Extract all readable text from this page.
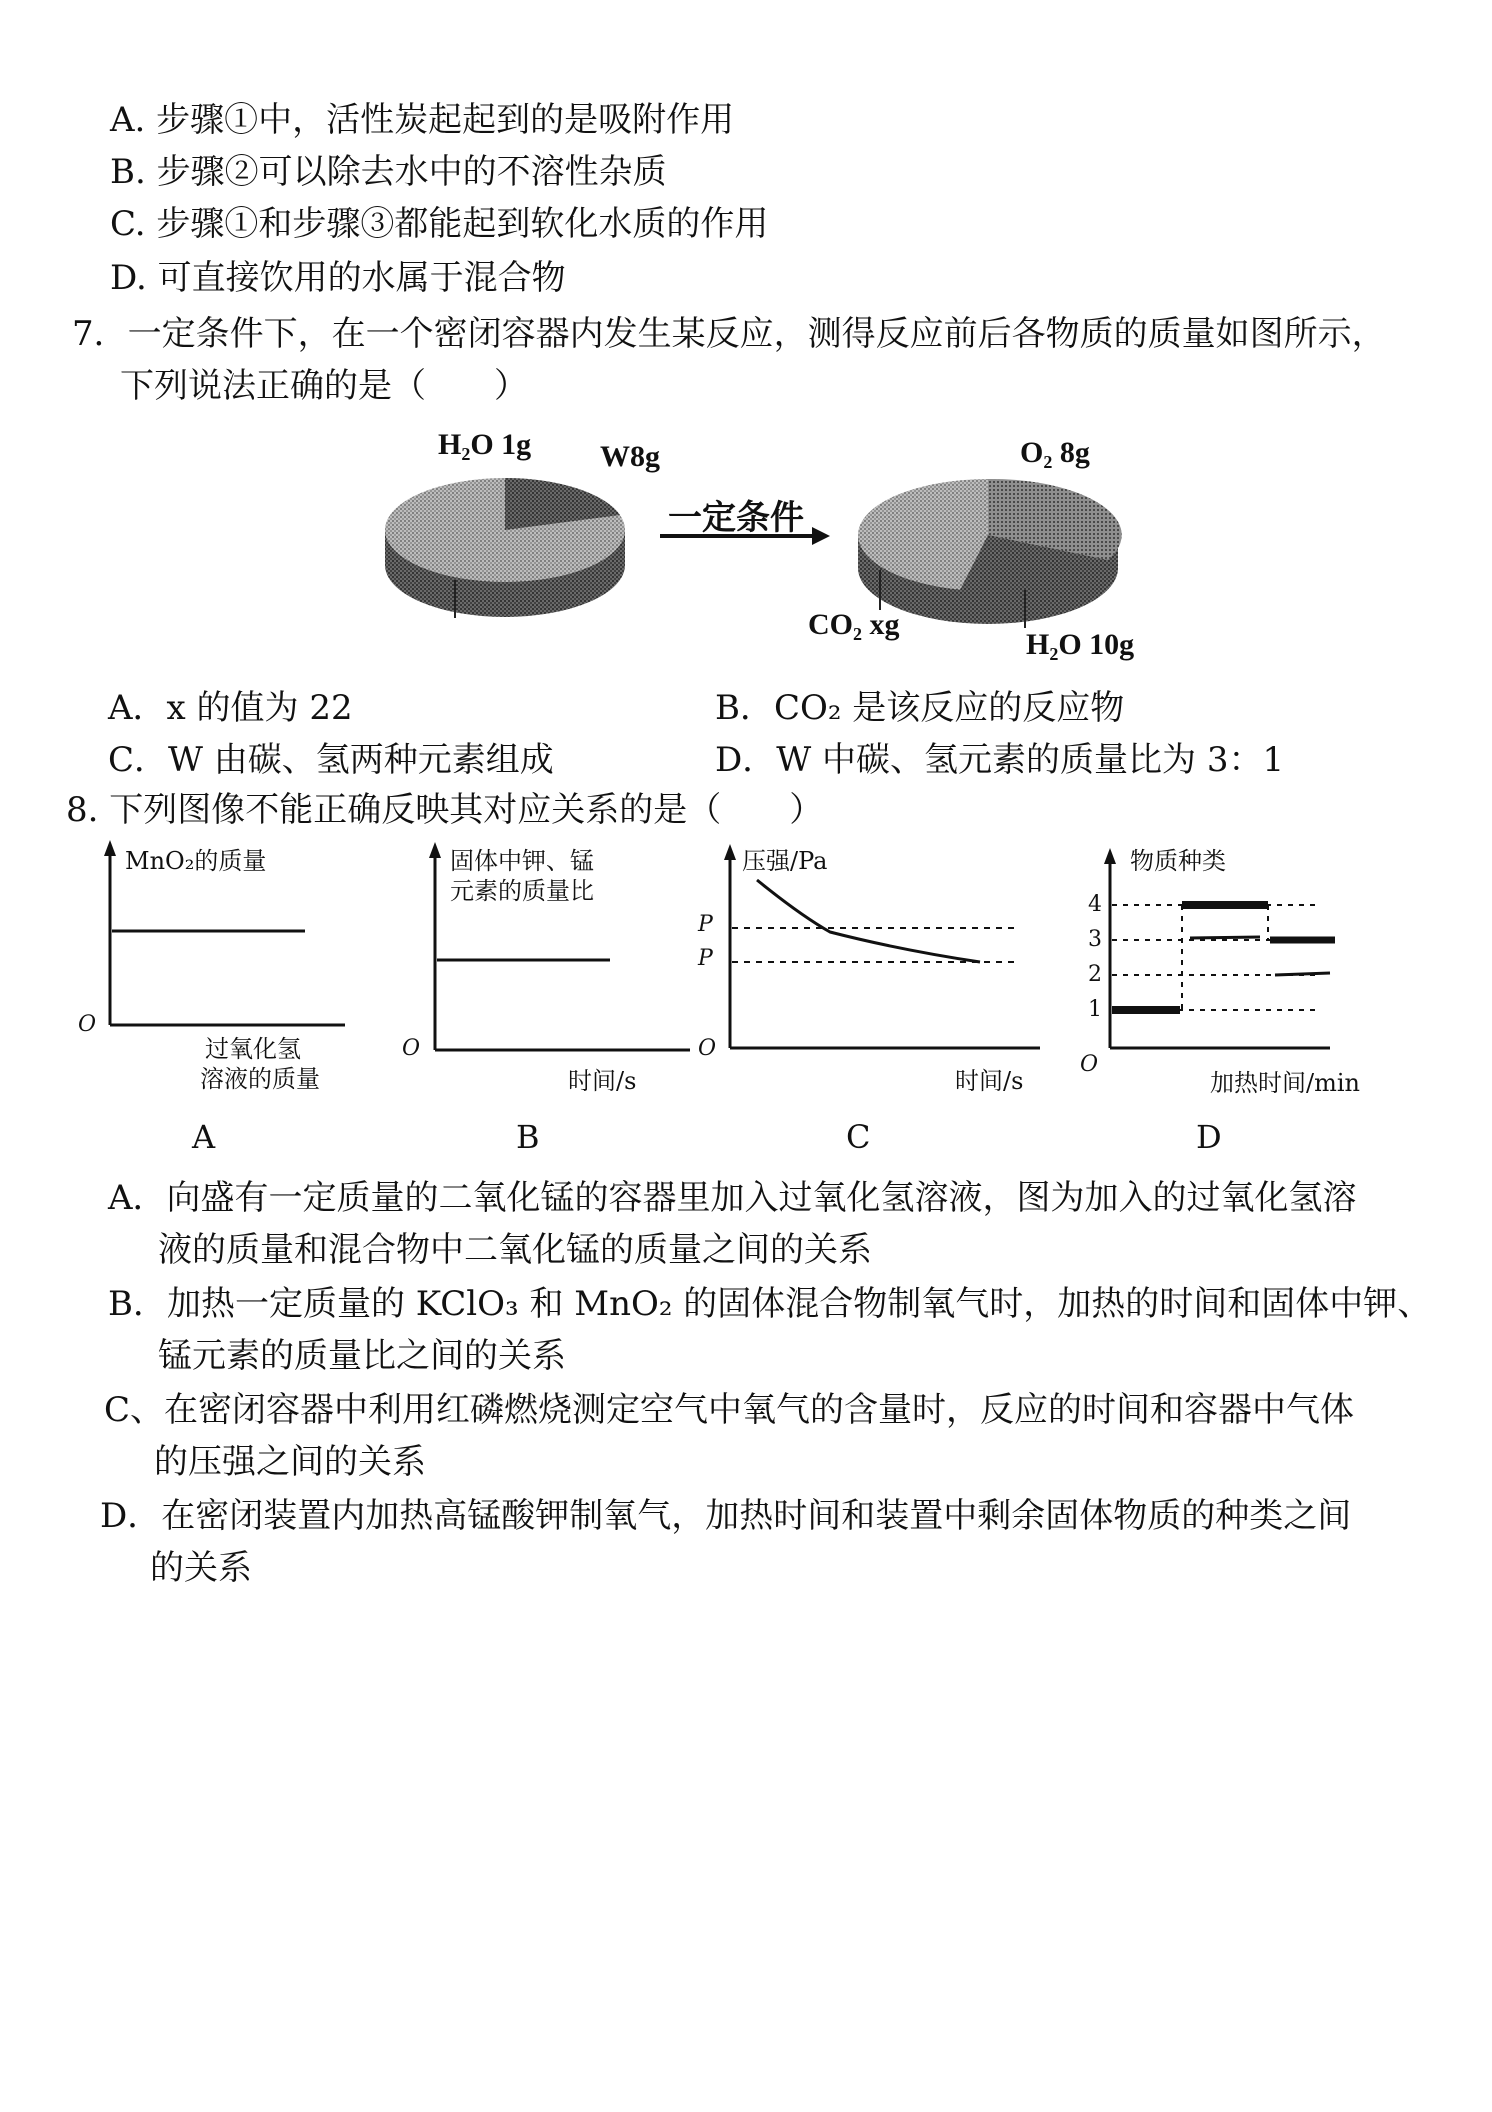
A. 步骤①中，活性炭起起到的是吸附作用
B. 步骤②可以除去水中的不溶性杂质
C. 步骤①和步骤③都能起到软化水质的作用
D. 可直接饮用的水属于混合物
7．一定条件下，在一个密闭容器内发生某反应，测得反应前后各物质的质量如图所示，
下列说法正确的是（　　）
H₂O 1g W8g
一定条件
O₂ 8g
CO₂ xg
H₂O 10g
A．x 的值为 22	B．CO₂ 是该反应的反应物
C．W 由碳、氢两种元素组成	D．W 中碳、氢元素的质量比为 3：1
8. 下列图像不能正确反映其对应关系的是（　　）
MnO₂的质量
O
过氧化氢
溶液的质量
A
固体中钾、锰
元素的质量比
O
时间/s
B
压强/Pa
P
P
O
时间/s
C
物质种类
4
3
2
1
O
加热时间/min
D
A．向盛有一定质量的二氧化锰的容器里加入过氧化氢溶液，图为加入的过氧化氢溶
液的质量和混合物中二氧化锰的质量之间的关系
B．加热一定质量的 KClO₃ 和 MnO₂ 的固体混合物制氧气时，加热的时间和固体中钾、
锰元素的质量比之间的关系
C、在密闭容器中利用红磷燃烧测定空气中氧气的含量时，反应的时间和容器中气体
的压强之间的关系
D．在密闭装置内加热高锰酸钾制氧气，加热时间和装置中剩余固体物质的种类之间
的关系
